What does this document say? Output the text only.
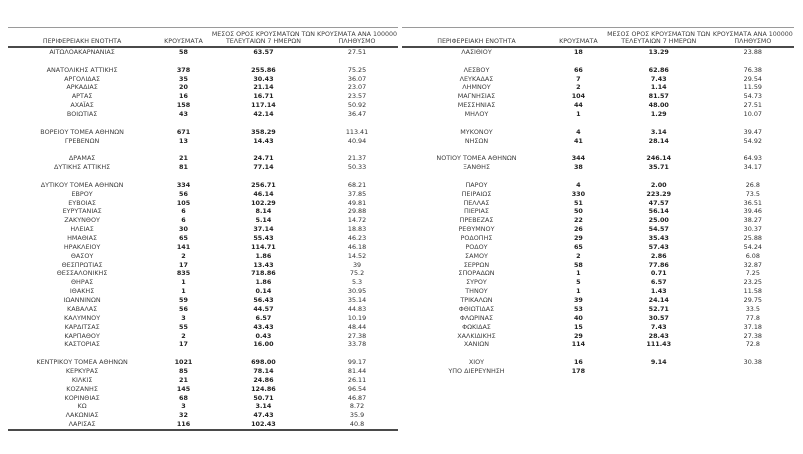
ΠΕΡΙΦΕΡΕΙΑΚΗ ΕΝΟΤΗΤΑ	ΚΡΟΥΣΜΑΤΑ
ΜΕΣΟΣ ΟΡΟΣ ΚΡΟΥΣΜΑΤΩΝ ΤΩΝ ΤΕΛΕΥΤΑΙΩΝ 7 ΗΜΕΡΩΝ
ΚΡΟΥΣΜΑΤΑ ΑΝΑ 100000 ΠΛΗΘΥΣΜΟ
ΑΙΤΩΛΟΑΚΑΡΝΑΝΙΑΣ	58	63.57	27.51
ΑΝΑΤΟΛΙΚΗΣ ΑΤΤΙΚΗΣ	378	255.86	75.25
ΑΡΓΟΛΙΔΑΣ	35	30.43	36.07
ΑΡΚΑΔΙΑΣ	20	21.14	23.07
ΑΡΤΑΣ	16	16.71	23.57
ΑΧΑΪΑΣ	158	117.14	50.92
ΒΟΙΩΤΙΑΣ	43	42.14	36.47
ΒΟΡΕΙΟΥ ΤΟΜΕΑ ΑΘΗΝΩΝ	671	358.29	113.41
ΓΡΕΒΕΝΩΝ	13	14.43	40.94
ΔΡΑΜΑΣ	21	24.71	21.37
ΔΥΤΙΚΗΣ ΑΤΤΙΚΗΣ	81	77.14	50.33
ΔΥΤΙΚΟΥ ΤΟΜΕΑ ΑΘΗΝΩΝ	334	256.71	68.21
ΕΒΡΟΥ	56	46.14	37.85
ΕΥΒΟΙΑΣ	105	102.29	49.81
ΕΥΡΥΤΑΝΙΑΣ	6	8.14	29.88
ΖΑΚΥΝΘΟΥ	6	5.14	14.72
ΗΛΕΙΑΣ	30	37.14	18.83
ΗΜΑΘΙΑΣ	65	55.43	46.23
ΗΡΑΚΛΕΙΟΥ	141	114.71	46.18
ΘΑΣΟΥ	2	1.86	14.52
ΘΕΣΠΡΩΤΙΑΣ	17	13.43	39
ΘΕΣΣΑΛΟΝΙΚΗΣ	835	718.86	75.2
ΘΗΡΑΣ	1	1.86	5.3
ΙΘΑΚΗΣ	1	0.14	30.95
ΙΩΑΝΝΙΝΩΝ	59	56.43	35.14
ΚΑΒΑΛΑΣ	56	44.57	44.83
ΚΑΛΥΜΝΟΥ	3	6.57	10.19
ΚΑΡΔΙΤΣΑΣ	55	43.43	48.44
ΚΑΡΠΑΘΟΥ	2	0.43	27.38
ΚΑΣΤΟΡΙΑΣ	17	16.00	33.78
ΚΕΝΤΡΙΚΟΥ ΤΟΜΕΑ ΑΘΗΝΩΝ	1021	698.00	99.17
ΚΕΡΚΥΡΑΣ	85	78.14	81.44
ΚΙΛΚΙΣ	21	24.86	26.11
ΚΟΖΑΝΗΣ	145	124.86	96.54
ΚΟΡΙΝΘΙΑΣ	68	50.71	46.87
ΚΩ	3	3.14	8.72
ΛΑΚΩΝΙΑΣ	32	47.43	35.9
ΛΑΡΙΣΑΣ	116	102.43	40.8
ΠΕΡΙΦΕΡΕΙΑΚΗ ΕΝΟΤΗΤΑ	ΚΡΟΥΣΜΑΤΑ
ΜΕΣΟΣ ΟΡΟΣ ΚΡΟΥΣΜΑΤΩΝ ΤΩΝ ΤΕΛΕΥΤΑΙΩΝ 7 ΗΜΕΡΩΝ
ΚΡΟΥΣΜΑΤΑ ΑΝΑ 100000 ΠΛΗΘΥΣΜΟ
ΛΑΣΙΘΙΟΥ	18	13.29	23.88
ΛΕΣΒΟΥ	66	62.86	76.38
ΛΕΥΚΑΔΑΣ	7	7.43	29.54
ΛΗΜΝΟΥ	2	1.14	11.59
ΜΑΓΝΗΣΙΑΣ	104	81.57	54.73
ΜΕΣΣΗΝΙΑΣ	44	48.00	27.51
ΜΗΛΟΥ	1	1.29	10.07
ΜΥΚΟΝΟΥ	4	3.14	39.47
ΝΗΣΩΝ	41	28.14	54.92
ΝΟΤΙΟΥ ΤΟΜΕΑ ΑΘΗΝΩΝ	344	246.14	64.93
ΞΑΝΘΗΣ	38	35.71	34.17
ΠΑΡΟΥ	4	2.00	26.8
ΠΕΙΡΑΙΩΣ	330	223.29	73.5
ΠΕΛΛΑΣ	51	47.57	36.51
ΠΙΕΡΙΑΣ	50	56.14	39.46
ΠΡΕΒΕΖΑΣ	22	25.00	38.27
ΡΕΘΥΜΝΟΥ	26	54.57	30.37
ΡΟΔΟΠΗΣ	29	35.43	25.88
ΡΟΔΟΥ	65	57.43	54.24
ΣΑΜΟΥ	2	2.86	6.08
ΣΕΡΡΩΝ	58	77.86	32.87
ΣΠΟΡΑΔΩΝ	1	0.71	7.25
ΣΥΡΟΥ	5	6.57	23.25
ΤΗΝΟΥ	1	1.43	11.58
ΤΡΙΚΑΛΩΝ	39	24.14	29.75
ΦΘΙΩΤΙΔΑΣ	53	52.71	33.5
ΦΛΩΡΙΝΑΣ	40	30.57	77.8
ΦΩΚΙΔΑΣ	15	7.43	37.18
ΧΑΛΚΙΔΙΚΗΣ	29	28.43	27.38
ΧΑΝΙΩΝ	114	111.43	72.8
ΧΙΟΥ	16	9.14	30.38
ΥΠΟ ΔΙΕΡΕΥΝΗΣΗ	178
